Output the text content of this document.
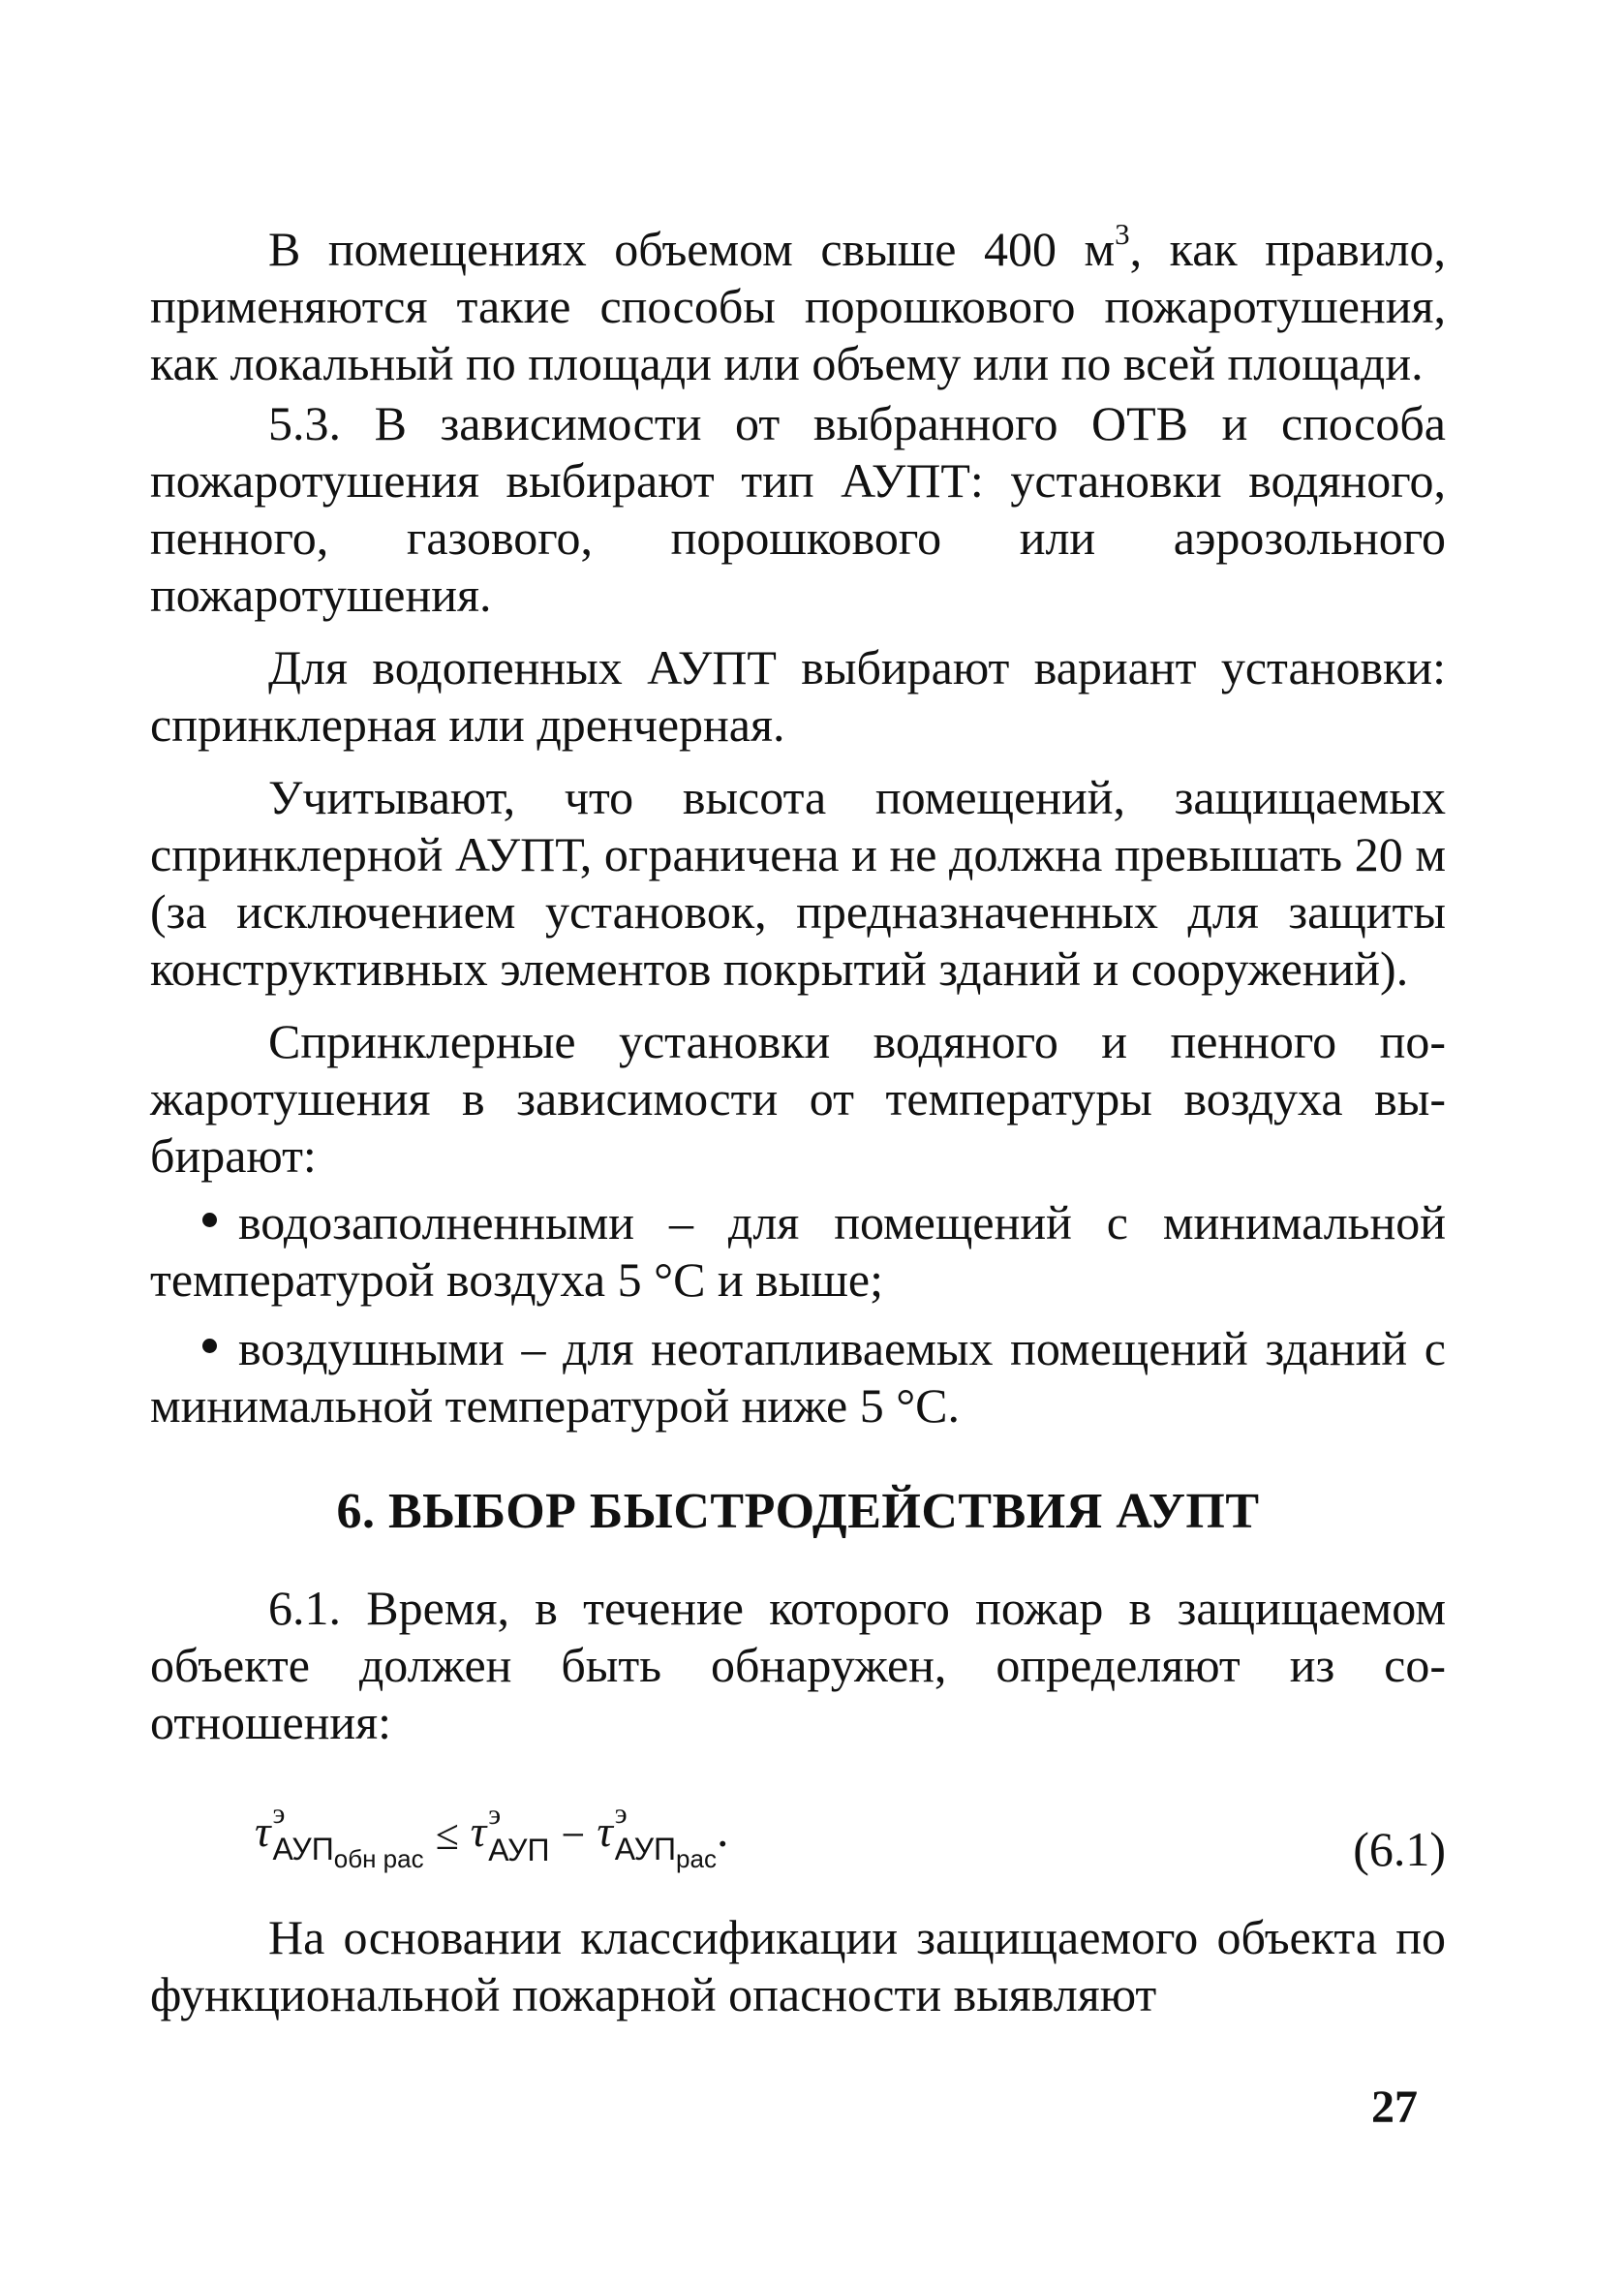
В помещениях объемом свыше 400 $м^3$, как правило, применяются такие способы порошкового пожаротушения, как локальный по площади или объему или по всей площади.

5.3. В зависимости от выбранного ОТВ и способа пожаротушения выбирают тип АУПТ: установки водяного, пенного, газового, порошкового или аэрозольного пожаротушения.

Для водопенных АУПТ выбирают вариант установки: спринклерная или дренчерная.

Учитывают, что высота помещений, защищаемых спринклерной АУПТ, ограничена и не должна превышать 20 м (за исключением установок, предназначенных для защиты конструктивных элементов покрытий зданий и сооружений).

Спринклерные установки водяного и пенного пожаротушения в зависимости от температуры воздуха выбирают:

водозаполненными – для помещений с минимальной температурой воздуха 5 °С и выше;
воздушными – для неотапливаемых помещений зданий с минимальной температурой ниже 5 °С.
6. ВЫБОР БЫСТРОДЕЙСТВИЯ АУПТ

6.1. Время, в течение которого пожар в защищаемом объекте должен быть обнаружен, определяют из соотношения:

τ э
$АУП_{обн рас} \le \tau$ э
АУП − τ э
$АУП_{рас}$
.	(6.1)

На основании классификации защищаемого объекта по функциональной пожарной опасности выявляют

27
